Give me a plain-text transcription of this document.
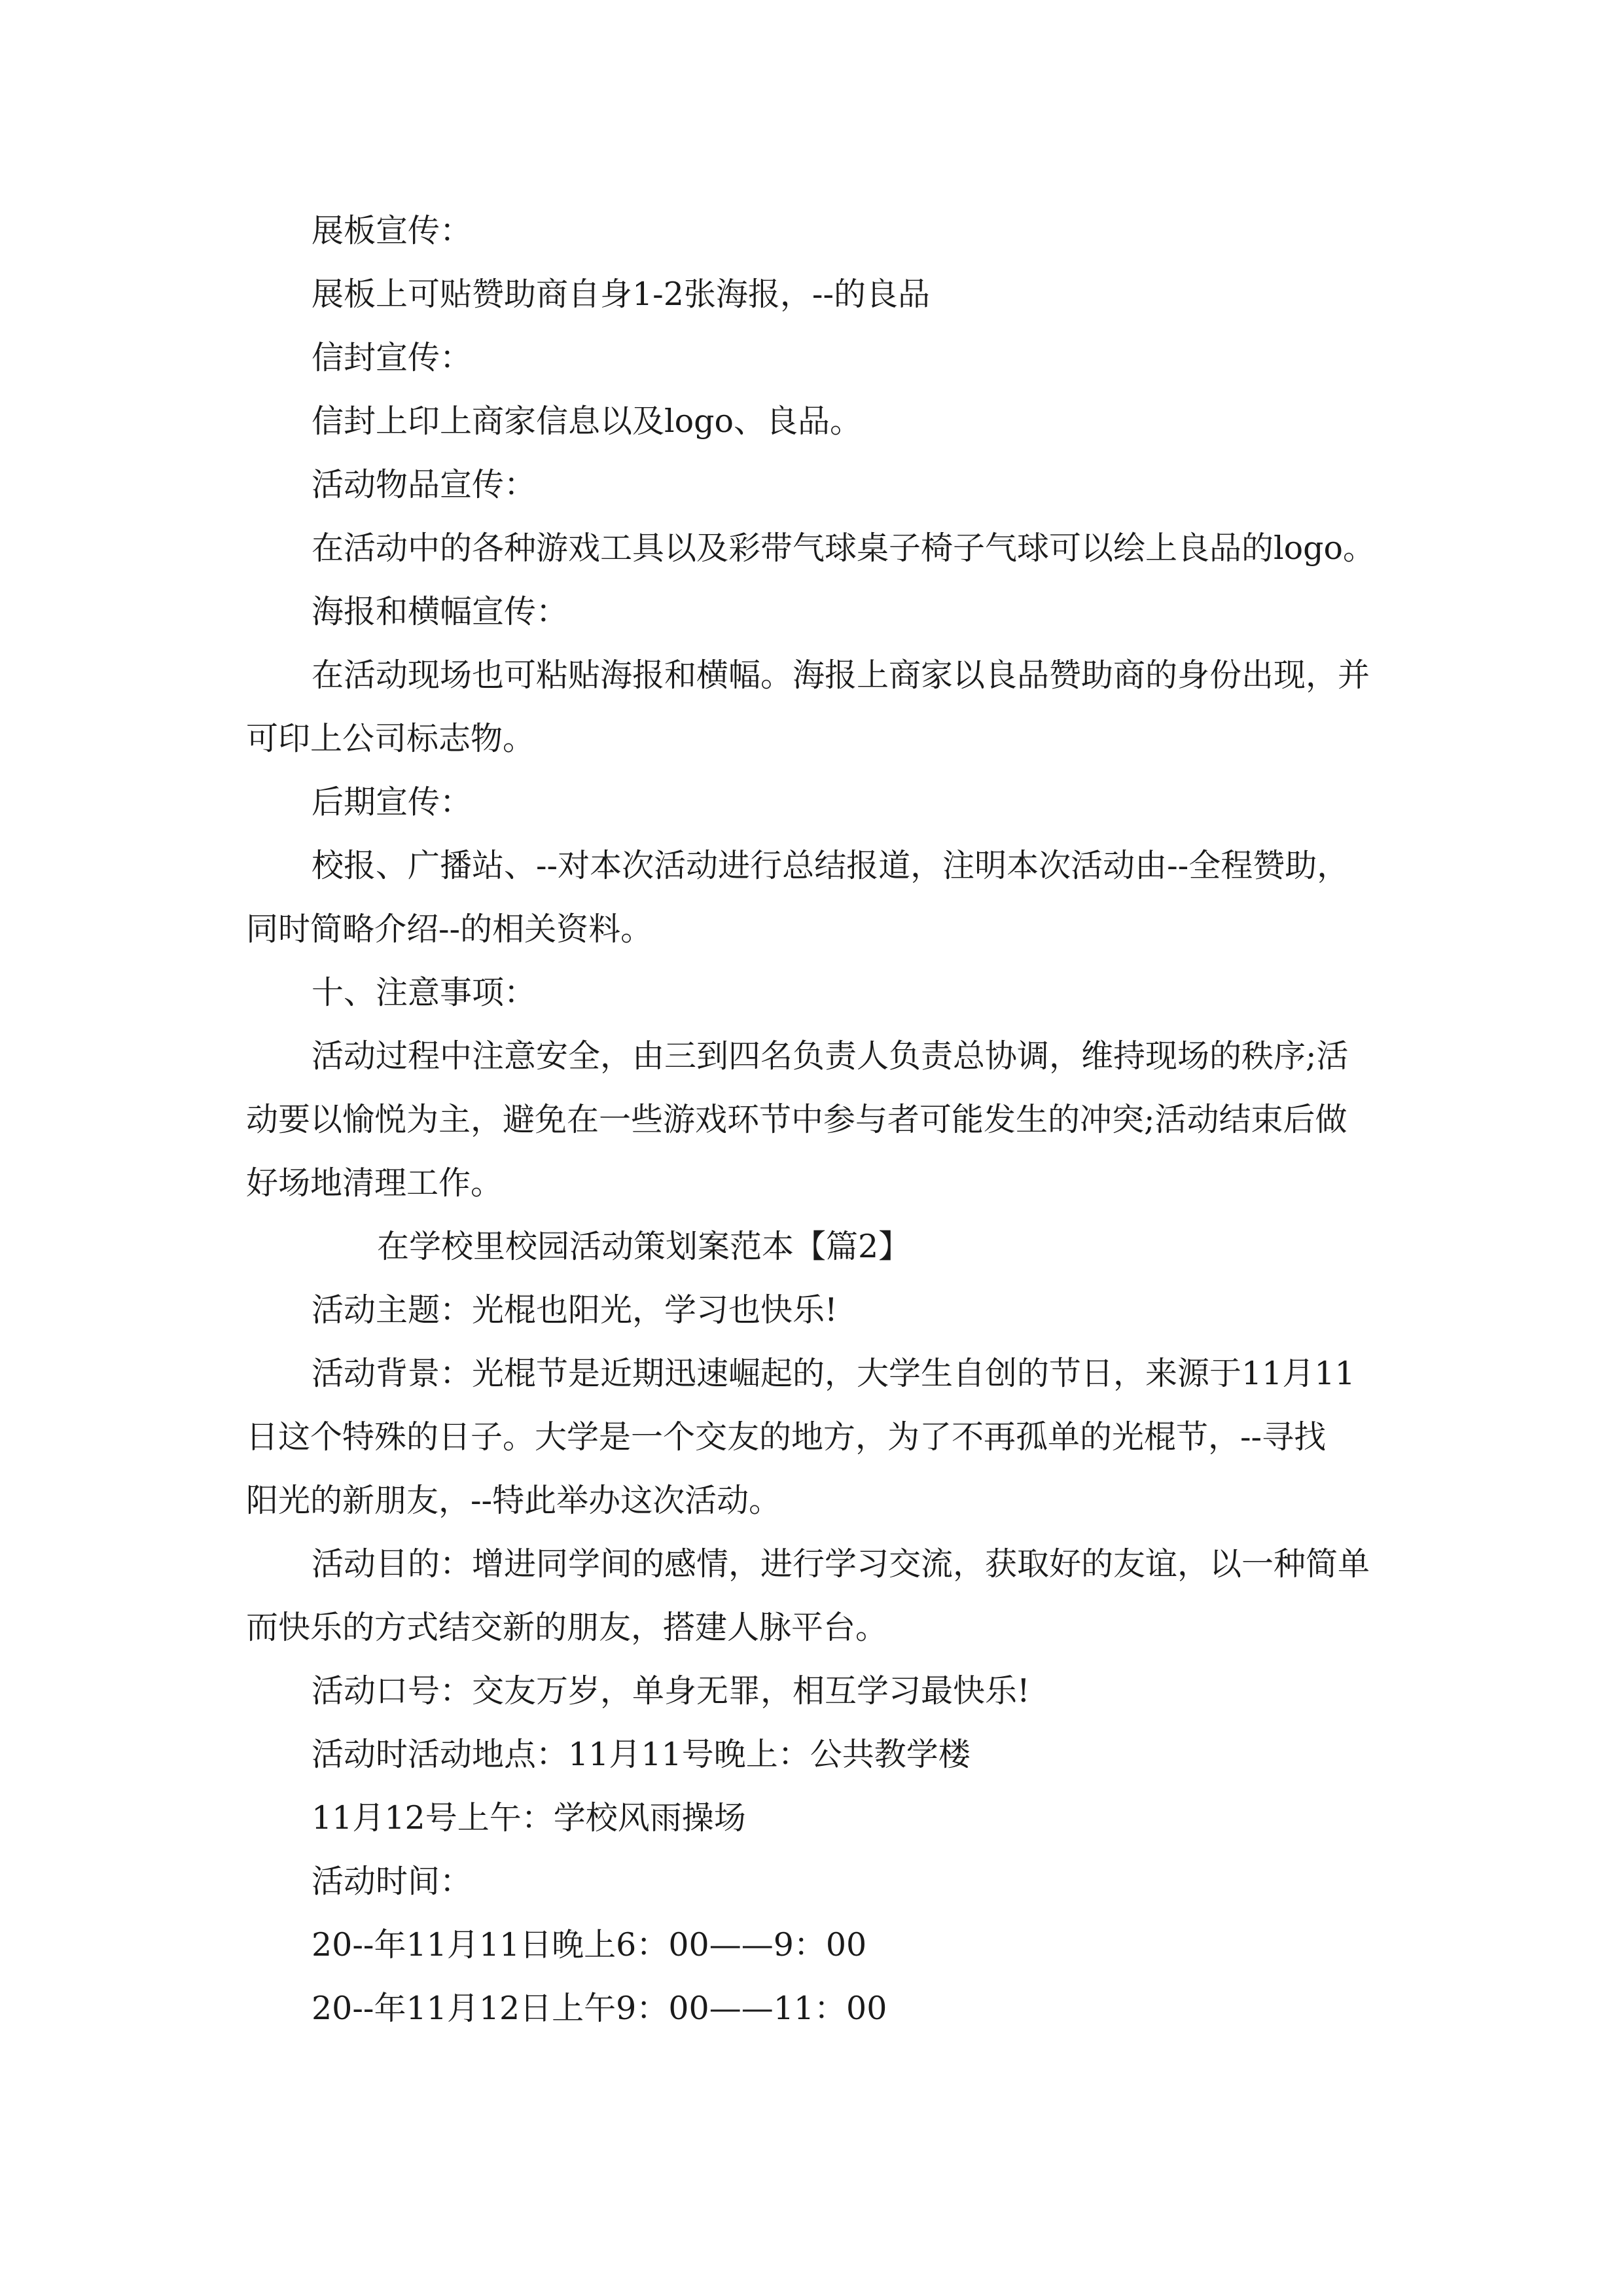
展板宣传：
展板上可贴赞助商自身1-2张海报，--的良品
信封宣传：
信封上印上商家信息以及logo、良品。
活动物品宣传：
在活动中的各种游戏工具以及彩带气球桌子椅子气球可以绘上良品的logo。
海报和横幅宣传：
在活动现场也可粘贴海报和横幅。海报上商家以良品赞助商的身份出现，并
可印上公司标志物。
后期宣传：
校报、广播站、--对本次活动进行总结报道，注明本次活动由--全程赞助，
同时简略介绍--的相关资料。
十、注意事项：
活动过程中注意安全，由三到四名负责人负责总协调，维持现场的秩序;活
动要以愉悦为主，避免在一些游戏环节中参与者可能发生的冲突;活动结束后做
好场地清理工作。
在学校里校园活动策划案范本【篇2】
活动主题：光棍也阳光，学习也快乐!
活动背景：光棍节是近期迅速崛起的，大学生自创的节日，来源于11月11
日这个特殊的日子。大学是一个交友的地方，为了不再孤单的光棍节，--寻找
阳光的新朋友，--特此举办这次活动。
活动目的：增进同学间的感情，进行学习交流，获取好的友谊，以一种简单
而快乐的方式结交新的朋友，搭建人脉平台。
活动口号：交友万岁，单身无罪，相互学习最快乐!
活动时活动地点：11月11号晚上：公共教学楼
11月12号上午：学校风雨操场
活动时间：
20--年11月11日晚上6：00——9：00
20--年11月12日上午9：00——11：00
